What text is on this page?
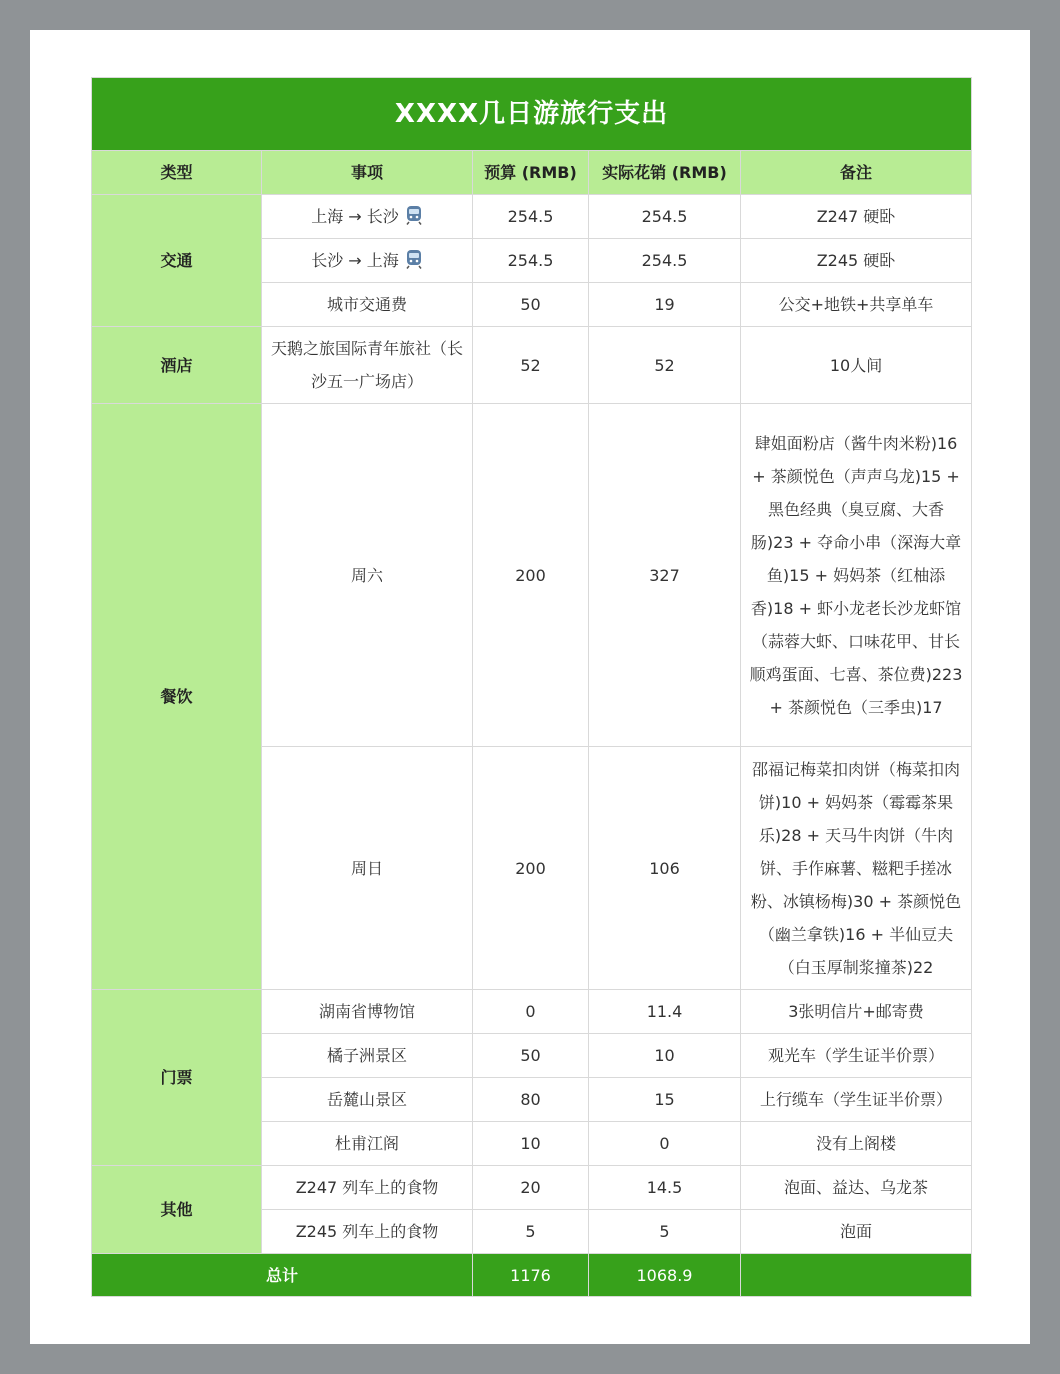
XXXX几日游旅行支出				
类型	事项	预算 (RMB)	实际花销 (RMB)	备注
交通	上海 → 长沙	254.5	254.5	Z247 硬卧
	长沙 → 上海	254.5	254.5	Z245 硬卧
	城市交通费	50	19	公交+地铁+共享单车
酒店	天鹅之旅国际青年旅社（长沙五一广场店）	52	52	10人间
餐饮	周六	200	327	肆姐面粉店（酱牛肉米粉)16 + 茶颜悦色（声声乌龙)15 + 黑色经典（臭豆腐、大香肠)23 + 夺命小串（深海大章鱼)15 + 妈妈茶（红柚添香)18 + 虾小龙老长沙龙虾馆（蒜蓉大虾、口味花甲、甘长顺鸡蛋面、七喜、茶位费)223 + 茶颜悦色（三季虫)17
	周日	200	106	邵福记梅菜扣肉饼（梅菜扣肉饼)10 + 妈妈茶（霉霉茶果乐)28 + 天马牛肉饼（牛肉饼、手作麻薯、糍粑手搓冰粉、冰镇杨梅)30 + 茶颜悦色（幽兰拿铁)16 + 半仙豆夫（白玉厚制浆撞茶)22
门票	湖南省博物馆	0	11.4	3张明信片+邮寄费
	橘子洲景区	50	10	观光车（学生证半价票）
	岳麓山景区	80	15	上行缆车（学生证半价票）
	杜甫江阁	10	0	没有上阁楼
其他	Z247 列车上的食物	20	14.5	泡面、益达、乌龙茶
	Z245 列车上的食物	5	5	泡面
总计		1176	1068.9	
